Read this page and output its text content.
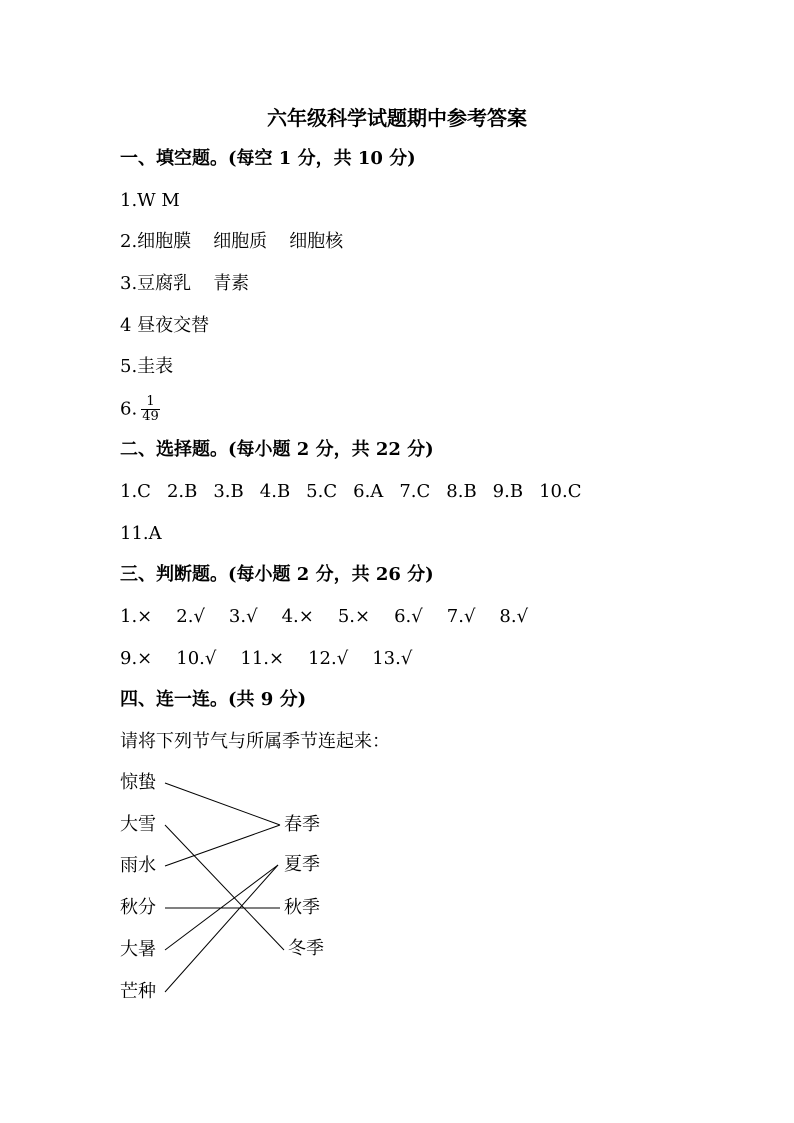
六年级科学试题期中参考答案
一、填空题。(每空 1 分，共 10 分)
1.W M
2.细胞膜 细胞质 细胞核
3.豆腐乳 青素
4 昼夜交替
5.圭表
6. $\frac{1}{49}$
二、选择题。(每小题 2 分，共 22 分)
1.C 2.B 3.B 4.B 5.C 6.A 7.C 8.B 9.B 10.C
11.A
三、判断题。(每小题 2 分，共 26 分)
1.× 2.√ 3.√ 4.× 5.× 6.√ 7.√ 8.√
9.× 10.√ 11.× 12.√ 13.√
四、连一连。(共 9 分)
请将下列节气与所属季节连起来：
惊蛰
大雪
雨水
秋分
大暑
芒种
春季
夏季
秋季
冬季
